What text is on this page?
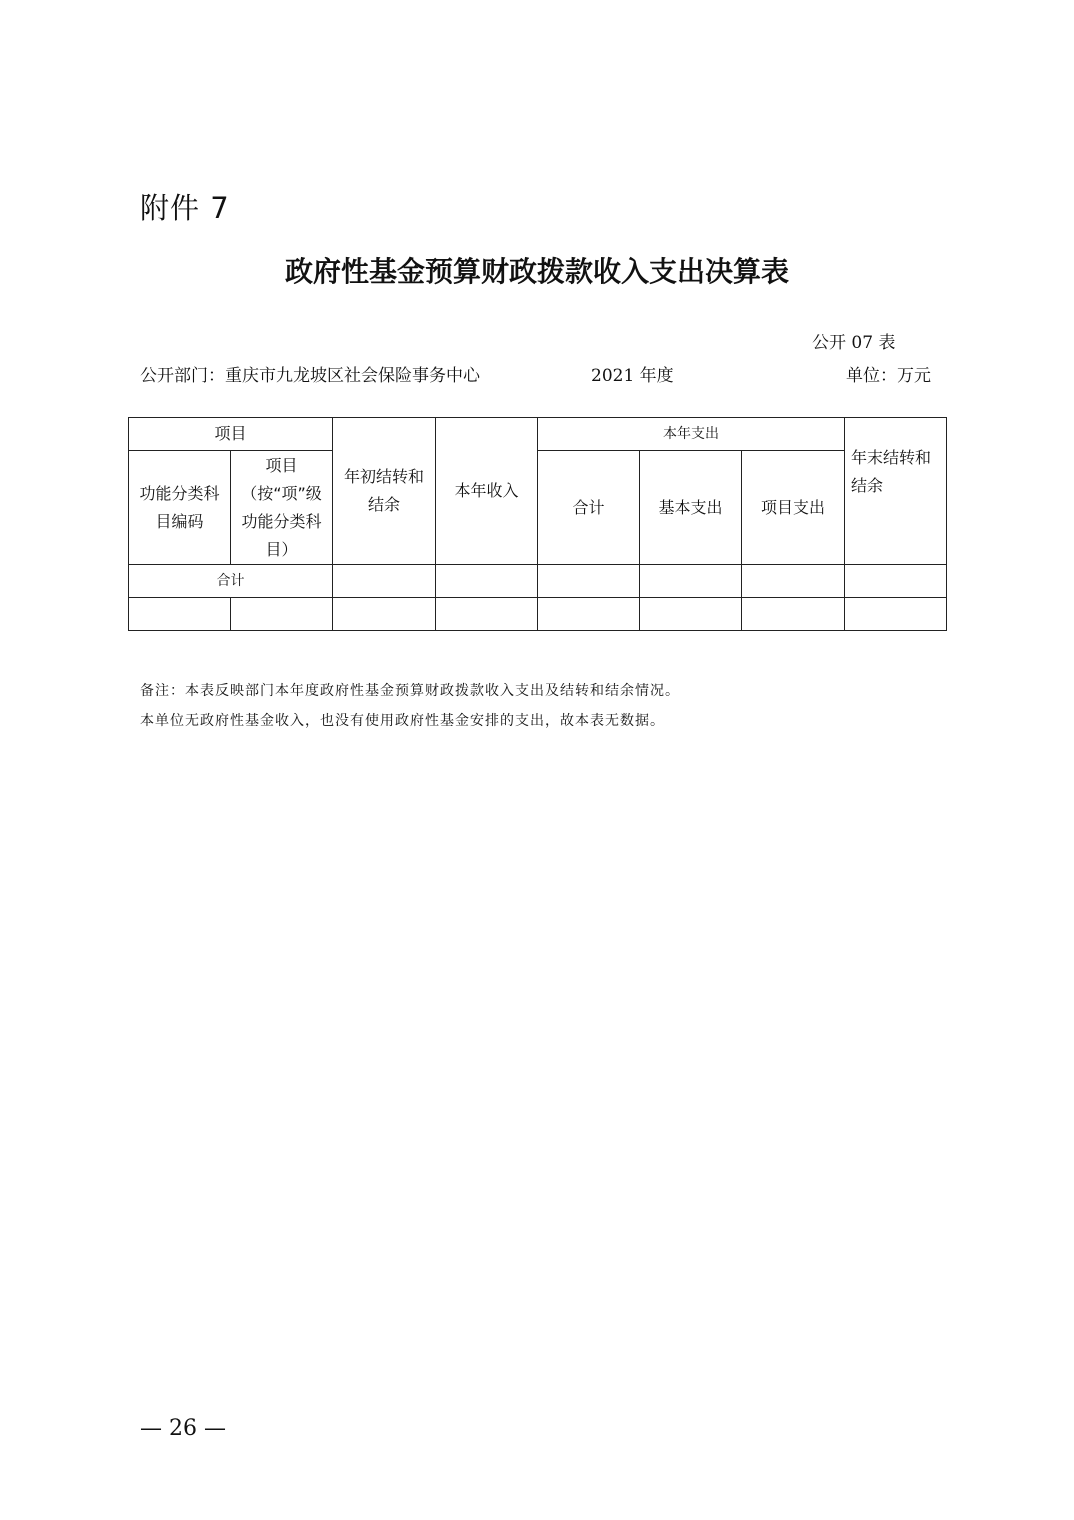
附件 7
政府性基金预算财政拨款收入支出决算表
公开 07 表
公开部门：重庆市九龙坡区社会保险事务中心	2021 年度	单位：万元
项目		年初结转和结余	本年收入	本年支出			年末结转和结余
功能分类科目编码	项目（按“项”级功能分类科目）			合计	基本支出	项目支出	
合计							

备注：本表反映部门本年度政府性基金预算财政拨款收入支出及结转和结余情况。
本单位无政府性基金收入，也没有使用政府性基金安排的支出，故本表无数据。
— 26 —
